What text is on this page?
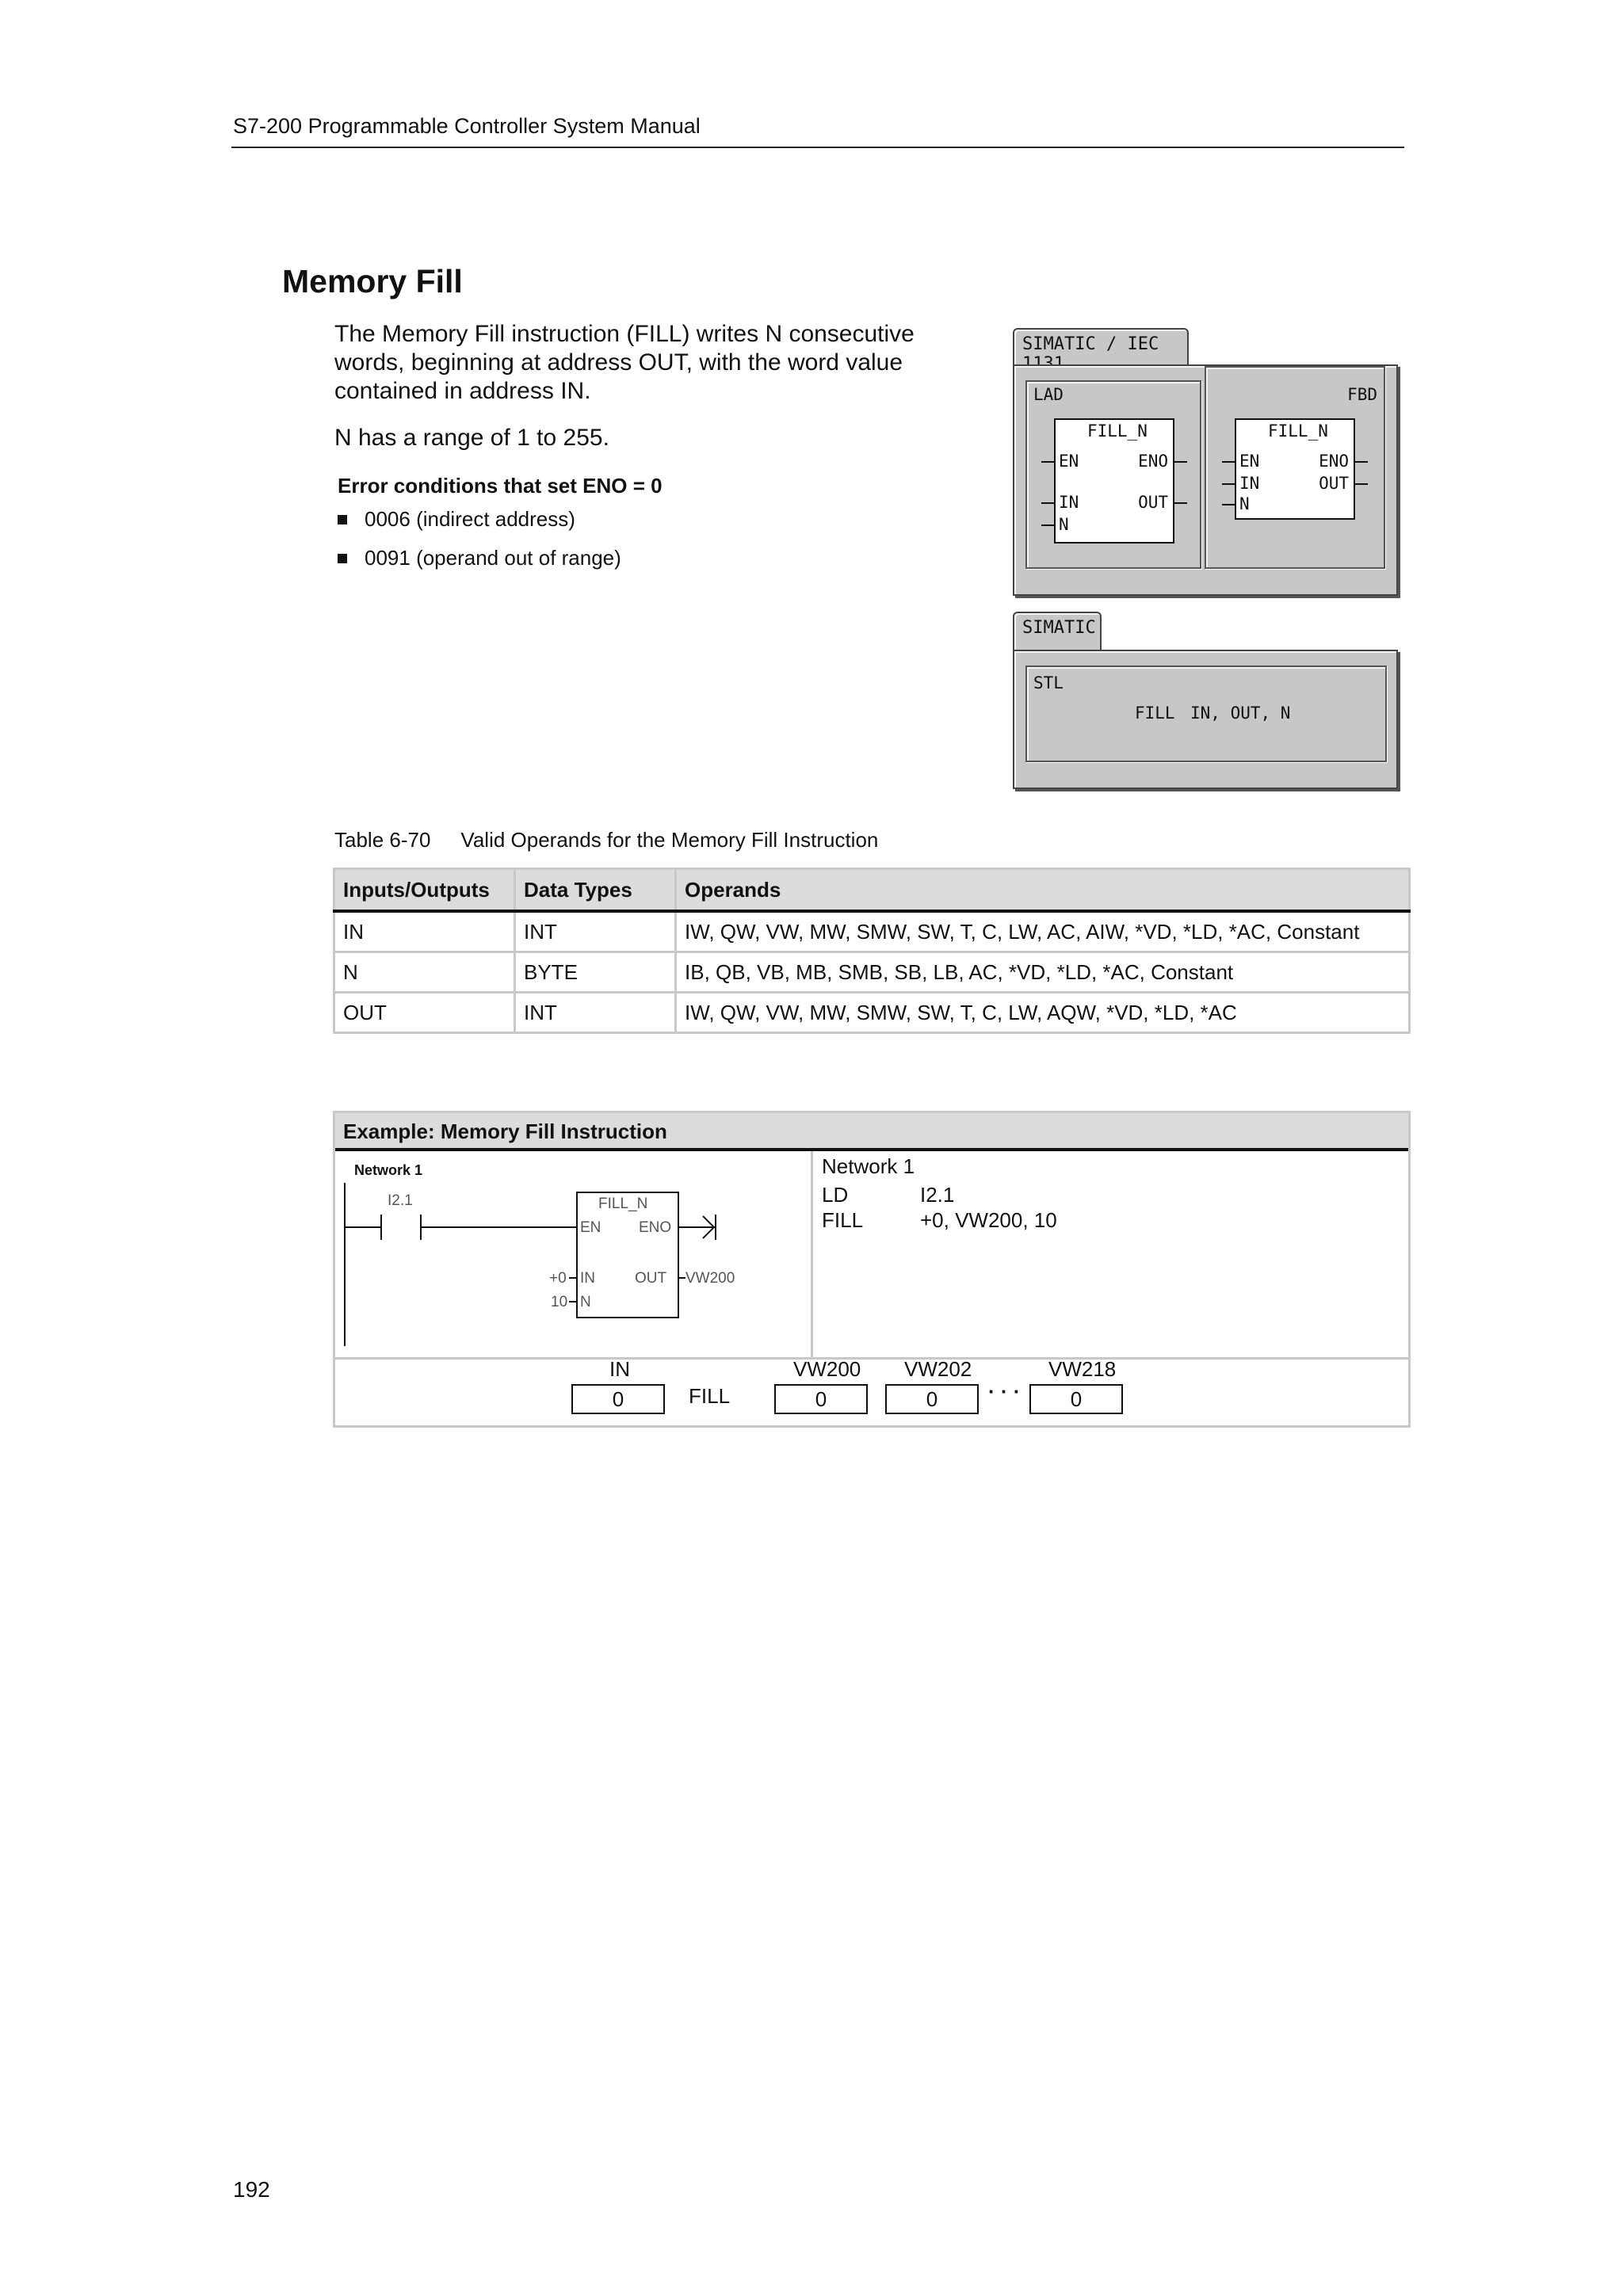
S7-200 Programmable Controller System Manual
Memory Fill
The Memory Fill instruction (FILL) writes N consecutive words, beginning at address OUT, with the word value contained in address IN.
N has a range of 1 to 255.
Error conditions that set ENO = 0
0006 (indirect address)
0091 (operand out of range)
SIMATIC / IEC
LAD
FILL_N
EN	ENO
IN	OUT
N
FBD
FILL_N
EN	ENO
IN	OUT
N
SIMATIC
STL
FILL IN, OUT, N
Table 6-70 Valid Operands for the Memory Fill Instruction
Inputs/Outputs	Data Types	Operands
IN	INT	IW, QW, VW, MW, SMW, SW, T, C, LW, AC, AIW, *VD, *LD, *AC, Constant
N	BYTE	IB, QB, VB, MB, SMB, SB, LB, AC, *VD, *LD, *AC, Constant
OUT	INT	IW, QW, VW, MW, SMW, SW, T, C, LW, AQW, *VD, *LD, *AC
Example: Memory Fill Instruction
Network 1
I2.1	FILL_N
EN	ENO
IN	OUT
N
+0
10
VW200
Network 1
LD	I2.1
FILL	+0, VW200, 10
IN
0	FILL
VW200
0
VW202
0	· · ·
VW218
0
192
